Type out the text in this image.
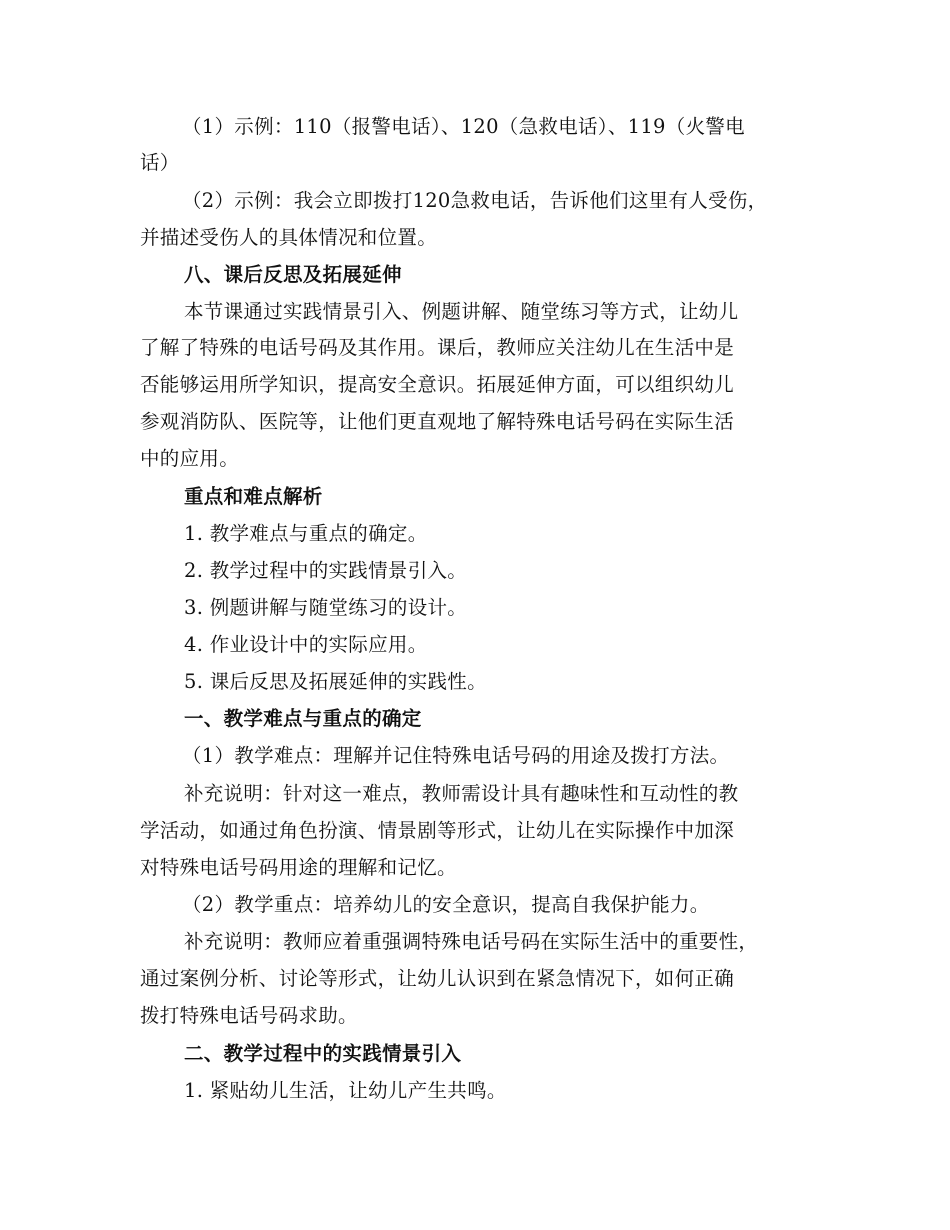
（1）示例：110（报警电话）、120（急救电话）、119（火警电
话）
（2）示例：我会立即拨打120急救电话，告诉他们这里有人受伤，
并描述受伤人的具体情况和位置。
八、课后反思及拓展延伸
本节课通过实践情景引入、例题讲解、随堂练习等方式，让幼儿
了解了特殊的电话号码及其作用。课后，教师应关注幼儿在生活中是
否能够运用所学知识，提高安全意识。拓展延伸方面，可以组织幼儿
参观消防队、医院等，让他们更直观地了解特殊电话号码在实际生活
中的应用。
重点和难点解析
1. 教学难点与重点的确定。
2. 教学过程中的实践情景引入。
3. 例题讲解与随堂练习的设计。
4. 作业设计中的实际应用。
5. 课后反思及拓展延伸的实践性。
一、教学难点与重点的确定
（1）教学难点：理解并记住特殊电话号码的用途及拨打方法。
补充说明：针对这一难点，教师需设计具有趣味性和互动性的教
学活动，如通过角色扮演、情景剧等形式，让幼儿在实际操作中加深
对特殊电话号码用途的理解和记忆。
（2）教学重点：培养幼儿的安全意识，提高自我保护能力。
补充说明：教师应着重强调特殊电话号码在实际生活中的重要性，
通过案例分析、讨论等形式，让幼儿认识到在紧急情况下，如何正确
拨打特殊电话号码求助。
二、教学过程中的实践情景引入
1. 紧贴幼儿生活，让幼儿产生共鸣。
